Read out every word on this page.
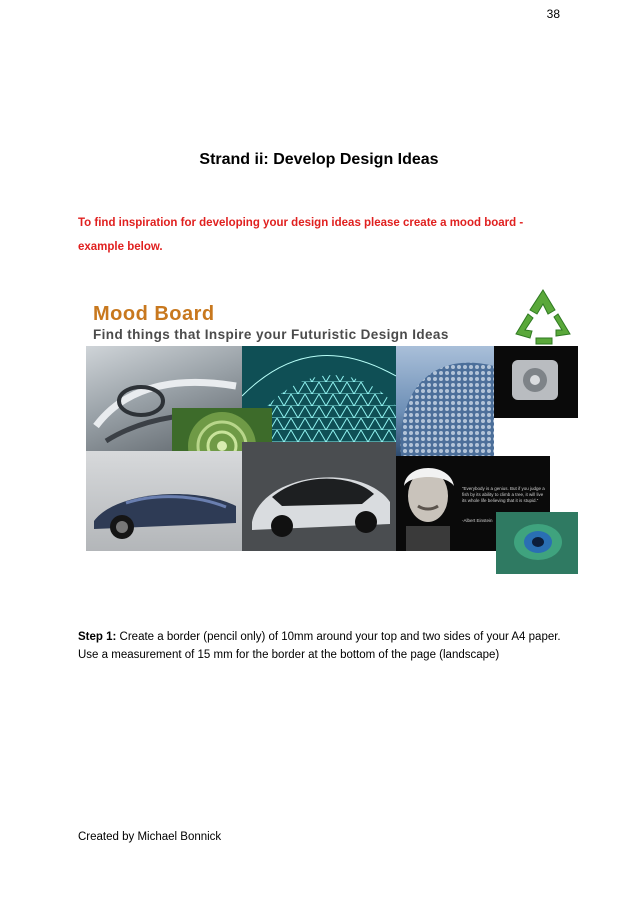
38
Strand ii: Develop Design Ideas
To find inspiration for developing your design ideas please create a mood board - example below.
Mood Board
Find things that Inspire your Futuristic Design Ideas
“Everybody is a genius. But if you judge a fish by its ability to climb a tree, it will live its whole life believing that it is stupid.”
-Albert Einstein
Step 1: Create a border (pencil only) of 10mm around your top and two sides of your A4 paper. Use a measurement of 15 mm for the border at the bottom of the page (landscape)
Created by Michael Bonnick
